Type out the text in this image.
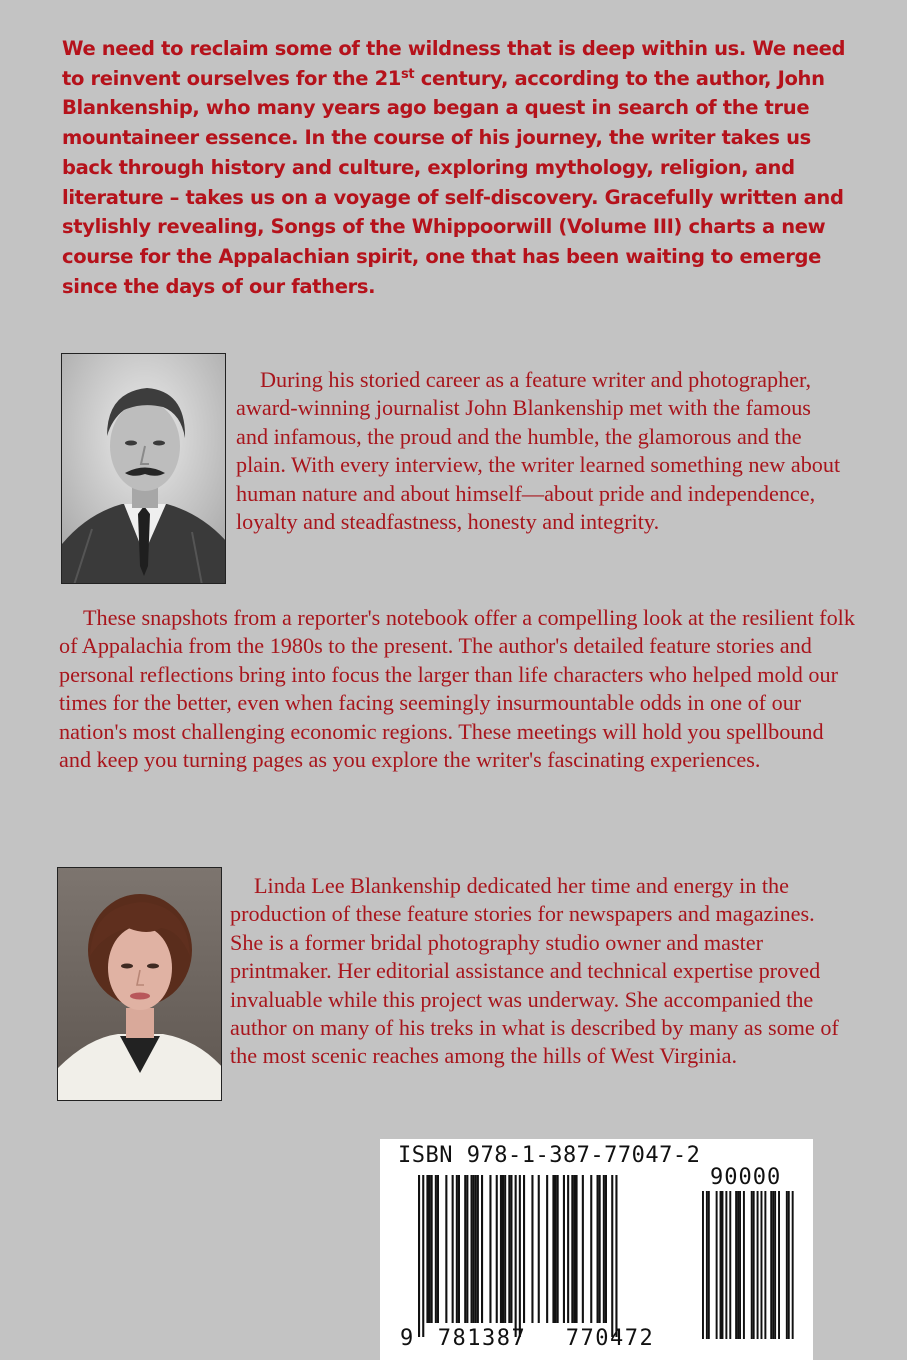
We need to reclaim some of the wildness that is deep within us. We need to reinvent ourselves for the 21st century, according to the author, John Blankenship, who many years ago began a quest in search of the true mountaineer essence. In the course of his journey, the writer takes us back through history and culture, exploring mythology, religion, and literature – takes us on a voyage of self-discovery. Gracefully written and stylishly revealing, Songs of the Whippoorwill (Volume III) charts a new course for the Appalachian spirit, one that has been waiting to emerge since the days of our fathers.

During his storied career as a feature writer and photographer, award-winning journalist John Blankenship met with the famous and infamous, the proud and the humble, the glamorous and the plain. With every interview, the writer learned something new about human nature and about himself—about pride and independence, loyalty and steadfastness, honesty and integrity.

These snapshots from a reporter's notebook offer a compelling look at the resilient folk of Appalachia from the 1980s to the present. The author's detailed feature stories and personal reflections bring into focus the larger than life characters who helped mold our times for the better, even when facing seemingly insurmountable odds in one of our nation's most challenging economic regions. These meetings will hold you spellbound and keep you turning pages as you explore the writer's fascinating experiences.

Linda Lee Blankenship dedicated her time and energy in the production of these feature stories for newspapers and magazines. She is a former bridal photography studio owner and master printmaker. Her editorial assistance and technical expertise proved invaluable while this project was underway. She accompanied the author on many of his treks in what is described by many as some of the most scenic reaches among the hills of West Virginia.

ISBN 978-1-387-77047-2
90000
9	781387	770472
